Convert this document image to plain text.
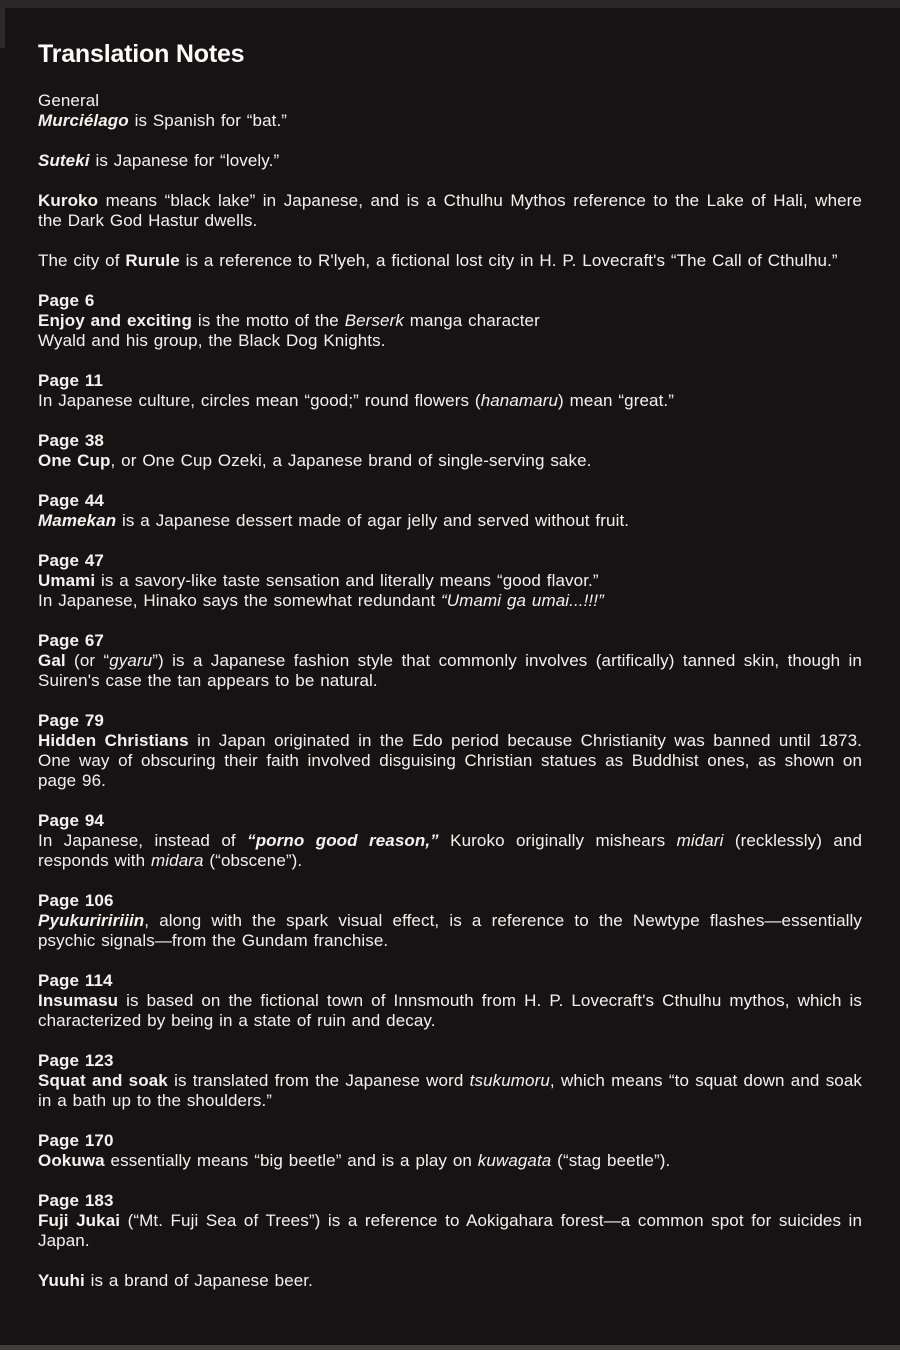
Translation Notes
General
Murciélago is Spanish for “bat.”
Suteki is Japanese for “lovely.”
Kuroko means “black lake” in Japanese, and is a Cthulhu Mythos reference to the Lake of Hali, where the Dark God Hastur dwells.
The city of Rurule is a reference to R'lyeh, a fictional lost city in H. P. Lovecraft's “The Call of Cthulhu.”
Page 6
Enjoy and exciting is the motto of the Berserk manga character
Wyald and his group, the Black Dog Knights.
Page 11
In Japanese culture, circles mean “good;” round flowers (hanamaru) mean “great.”
Page 38
One Cup, or One Cup Ozeki, a Japanese brand of single-serving sake.
Page 44
Mamekan is a Japanese dessert made of agar jelly and served without fruit.
Page 47
Umami is a savory-like taste sensation and literally means “good flavor.”
In Japanese, Hinako says the somewhat redundant “Umami ga umai...!!!”
Page 67
Gal (or “gyaru”) is a Japanese fashion style that commonly involves (artifically) tanned skin, though in Suiren's case the tan appears to be natural.
Page 79
Hidden Christians in Japan originated in the Edo period because Christianity was banned until 1873. One way of obscuring their faith involved disguising Christian statues as Buddhist ones, as shown on page 96.
Page 94
In Japanese, instead of “porno good reason,” Kuroko originally mishears midari (recklessly) and responds with midara (“obscene”).
Page 106
Pyukuriririiin, along with the spark visual effect, is a reference to the Newtype flashes—essentially psychic signals—from the Gundam franchise.
Page 114
Insumasu is based on the fictional town of Innsmouth from H. P. Lovecraft's Cthulhu mythos, which is characterized by being in a state of ruin and decay.
Page 123
Squat and soak is translated from the Japanese word tsukumoru, which means “to squat down and soak in a bath up to the shoulders.”
Page 170
Ookuwa essentially means “big beetle” and is a play on kuwagata (“stag beetle”).
Page 183
Fuji Jukai (“Mt. Fuji Sea of Trees”) is a reference to Aokigahara forest—a common spot for suicides in Japan.
Yuuhi is a brand of Japanese beer.
